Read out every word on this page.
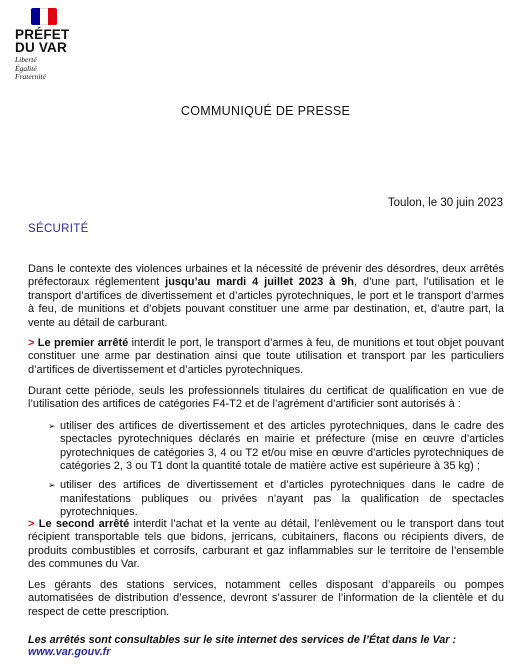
PRÉFET
DU VAR
Liberté
Égalité
Fraternité
COMMUNIQUÉ DE PRESSE
Toulon, le 30 juin 2023
SÉCURITÉ

Dans le contexte des violences urbaines et la nécessité de prévenir des désordres, deux arrêtés préfectoraux réglementent jusqu’au mardi 4 juillet 2023 à 9h, d’une part, l’utilisation et le transport d’artifices de divertissement et d’articles pyrotechniques, le port et le transport d’armes à feu, de munitions et d’objets pouvant constituer une arme par destination, et, d’autre part, la vente au détail de carburant.

> Le premier arrêté interdit le port, le transport d’armes à feu, de munitions et tout objet pouvant constituer une arme par destination ainsi que toute utilisation et transport par les particuliers d’artifices de divertissement et d’articles pyrotechniques.

Durant cette période, seuls les professionnels titulaires du certificat de qualification en vue de l’utilisation des artifices de catégories F4-T2 et de l’agrément d’artificier sont autorisés à :

➢ utiliser des artifices de divertissement et des articles pyrotechniques, dans le cadre des spectacles pyrotechniques déclarés en mairie et préfecture (mise en œuvre d’articles pyrotechniques de catégories 3, 4 ou T2 et/ou mise en œuvre d’articles pyrotechniques de catégories 2, 3 ou T1 dont la quantité totale de matière active est supérieure à 35 kg) ;
➢ utiliser des artifices de divertissement et d’articles pyrotechniques dans le cadre de manifestations publiques ou privées n’ayant pas la qualification de spectacles pyrotechniques.

> Le second arrêté interdit l’achat et la vente au détail, l’enlèvement ou le transport dans tout récipient transportable tels que bidons, jerricans, cubitainers, flacons ou récipients divers, de produits combustibles et corrosifs, carburant et gaz inflammables sur le territoire de l’ensemble des communes du Var.

Les gérants des stations services, notamment celles disposant d’appareils ou pompes automatisées de distribution d’essence, devront s’assurer de l’information de la clientèle et du respect de cette prescription.

Les arrêtés sont consultables sur le site internet des services de l’État dans le Var : www.var.gouv.fr
